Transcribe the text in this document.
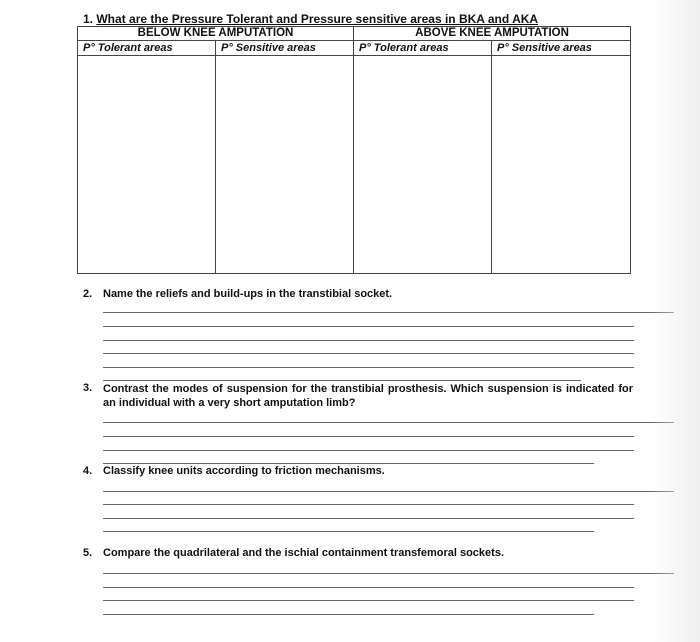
1. What are the Pressure Tolerant and Pressure sensitive areas in BKA and AKA
BELOW KNEE AMPUTATION		ABOVE KNEE AMPUTATION	
P° Tolerant areas	P° Sensitive areas	P° Tolerant areas	P° Sensitive areas

2. Name the reliefs and build-ups in the transtibial socket.
3. Contrast the modes of suspension for the transtibial prosthesis. Which suspension is indicated for an individual with a very short amputation limb?
4. Classify knee units according to friction mechanisms.
5. Compare the quadrilateral and the ischial containment transfemoral sockets.
